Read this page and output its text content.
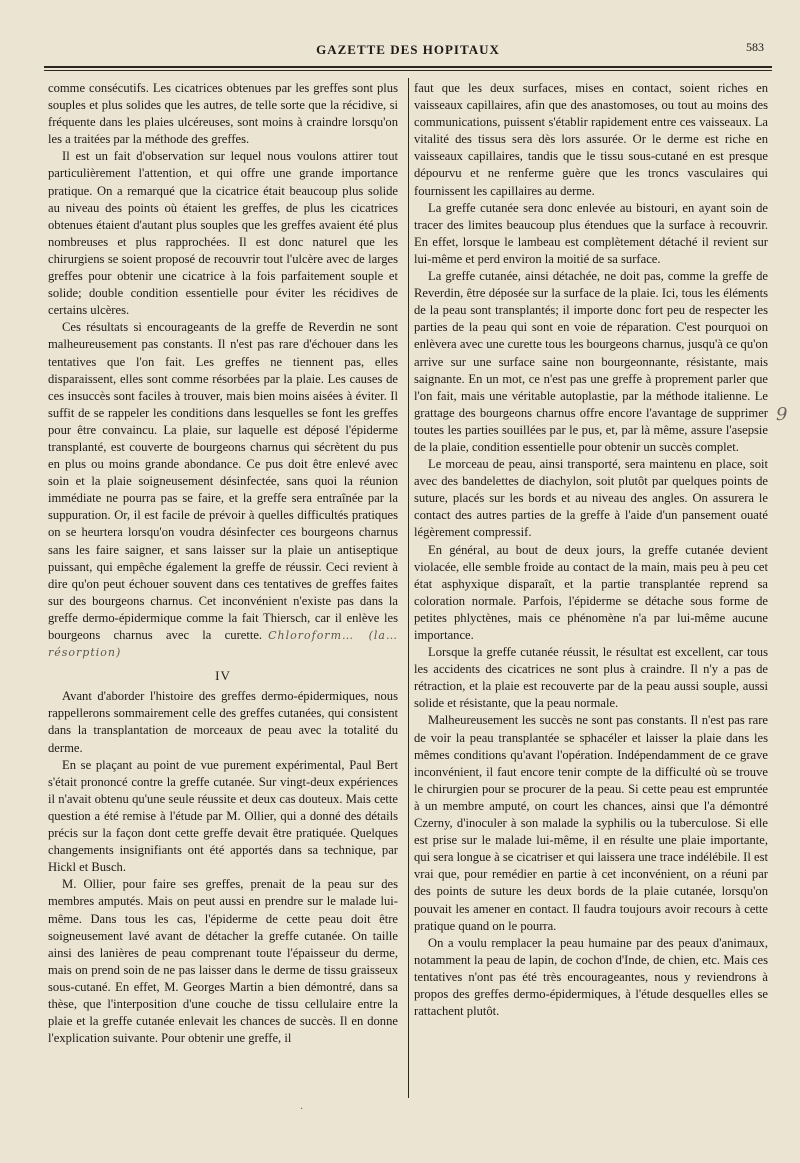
GAZETTE DES HOPITAUX	583

comme consécutifs. Les cicatrices obtenues par les greffes sont plus souples et plus solides que les autres, de telle sorte que la récidive, si fréquente dans les plaies ulcéreuses, sont moins à craindre lorsqu'on les a traitées par la méthode des greffes.

Il est un fait d'observation sur lequel nous voulons attirer tout particulièrement l'attention, et qui offre une grande importance pratique. On a remarqué que la cicatrice était beaucoup plus solide au niveau des points où étaient les greffes, de plus les cicatrices obtenues étaient d'autant plus souples que les greffes avaient été plus nombreuses et plus rapprochées. Il est donc naturel que les chirurgiens se soient proposé de recouvrir tout l'ulcère avec de larges greffes pour obtenir une cicatrice à la fois parfaitement souple et solide; double condition essentielle pour éviter les récidives de certains ulcères.

Ces résultats si encourageants de la greffe de Reverdin ne sont malheureusement pas constants. Il n'est pas rare d'échouer dans les tentatives que l'on fait. Les greffes ne tiennent pas, elles disparaissent, elles sont comme résorbées par la plaie. Les causes de ces insuccès sont faciles à trouver, mais bien moins aisées à éviter. Il suffit de se rappeler les conditions dans lesquelles se font les greffes pour être convaincu. La plaie, sur laquelle est déposé l'épiderme transplanté, est couverte de bourgeons charnus qui sécrètent du pus en plus ou moins grande abondance. Ce pus doit être enlevé avec soin et la plaie soigneusement désinfectée, sans quoi la réunion immédiate ne pourra pas se faire, et la greffe sera entraînée par la suppuration. Or, il est facile de prévoir à quelles difficultés pratiques on se heurtera lorsqu'on voudra désinfecter ces bourgeons charnus sans les faire saigner, et sans laisser sur la plaie un antiseptique puissant, qui empêche également la greffe de réussir. Ceci revient à dire qu'on peut échouer souvent dans ces tentatives de greffes faites sur des bourgeons charnus. Cet inconvénient n'existe pas dans la greffe dermo-épidermique comme la fait Thiersch, car il enlève les bourgeons charnus avec la curette. Chloroform… (la… résorption)

IV

Avant d'aborder l'histoire des greffes dermo-épidermiques, nous rappellerons sommairement celle des greffes cutanées, qui consistent dans la transplantation de morceaux de peau avec la totalité du derme.

En se plaçant au point de vue purement expérimental, Paul Bert s'était prononcé contre la greffe cutanée. Sur vingt-deux expériences il n'avait obtenu qu'une seule réussite et deux cas douteux. Mais cette question a été remise à l'étude par M. Ollier, qui a donné des détails précis sur la façon dont cette greffe devait être pratiquée. Quelques changements insignifiants ont été apportés dans sa technique, par Hickl et Busch.

M. Ollier, pour faire ses greffes, prenait de la peau sur des membres amputés. Mais on peut aussi en prendre sur le malade lui-même. Dans tous les cas, l'épiderme de cette peau doit être soigneusement lavé avant de détacher la greffe cutanée. On taille ainsi des lanières de peau comprenant toute l'épaisseur du derme, mais on prend soin de ne pas laisser dans le derme de tissu graisseux sous-cutané. En effet, M. Georges Martin a bien démontré, dans sa thèse, que l'interposition d'une couche de tissu cellulaire entre la plaie et la greffe cutanée enlevait les chances de succès. Il en donne l'explication suivante. Pour obtenir une greffe, il

faut que les deux surfaces, mises en contact, soient riches en vaisseaux capillaires, afin que des anastomoses, ou tout au moins des communications, puissent s'établir rapidement entre ces vaisseaux. La vitalité des tissus sera dès lors assurée. Or le derme est riche en vaisseaux capillaires, tandis que le tissu sous-cutané en est presque dépourvu et ne renferme guère que les troncs vasculaires qui fournissent les capillaires au derme.

La greffe cutanée sera donc enlevée au bistouri, en ayant soin de tracer des limites beaucoup plus étendues que la surface à recouvrir. En effet, lorsque le lambeau est complètement détaché il revient sur lui-même et perd environ la moitié de sa surface.

La greffe cutanée, ainsi détachée, ne doit pas, comme la greffe de Reverdin, être déposée sur la surface de la plaie. Ici, tous les éléments de la peau sont transplantés; il importe donc fort peu de respecter les parties de la peau qui sont en voie de réparation. C'est pourquoi on enlèvera avec une curette tous les bourgeons charnus, jusqu'à ce qu'on arrive sur une surface saine non bourgeonnante, résistante, mais saignante. En un mot, ce n'est pas une greffe à proprement parler que l'on fait, mais une véritable autoplastie, par la méthode italienne. Le grattage des bourgeons charnus offre encore l'avantage de supprimer toutes les parties souillées par le pus, et, par là même, assure l'asepsie de la plaie, condition essentielle pour obtenir un succès complet.

Le morceau de peau, ainsi transporté, sera maintenu en place, soit avec des bandelettes de diachylon, soit plutôt par quelques points de suture, placés sur les bords et au niveau des angles. On assurera le contact des autres parties de la greffe à l'aide d'un pansement ouaté légèrement compressif.

En général, au bout de deux jours, la greffe cutanée devient violacée, elle semble froide au contact de la main, mais peu à peu cet état asphyxique disparaît, et la partie transplantée reprend sa coloration normale. Parfois, l'épiderme se détache sous forme de petites phlyctènes, mais ce phénomène n'a par lui-même aucune importance.

Lorsque la greffe cutanée réussit, le résultat est excellent, car tous les accidents des cicatrices ne sont plus à craindre. Il n'y a pas de rétraction, et la plaie est recouverte par de la peau aussi souple, aussi solide et résistante, que la peau normale.

Malheureusement les succès ne sont pas constants. Il n'est pas rare de voir la peau transplantée se sphacéler et laisser la plaie dans les mêmes conditions qu'avant l'opération. Indépendamment de ce grave inconvénient, il faut encore tenir compte de la difficulté où se trouve le chirurgien pour se procurer de la peau. Si cette peau est empruntée à un membre amputé, on court les chances, ainsi que l'a démontré Czerny, d'inoculer à son malade la syphilis ou la tuberculose. Si elle est prise sur le malade lui-même, il en résulte une plaie importante, qui sera longue à se cicatriser et qui laissera une trace indélébile. Il est vrai que, pour remédier en partie à cet inconvénient, on a réuni par des points de suture les deux bords de la plaie cutanée, lorsqu'on pouvait les amener en contact. Il faudra toujours avoir recours à cette pratique quand on le pourra.

On a voulu remplacer la peau humaine par des peaux d'animaux, notamment la peau de lapin, de cochon d'Inde, de chien, etc. Mais ces tentatives n'ont pas été très encourageantes, nous y reviendrons à propos des greffes dermo-épidermiques, à l'étude desquelles elles se rattachent plutôt.

9
·
